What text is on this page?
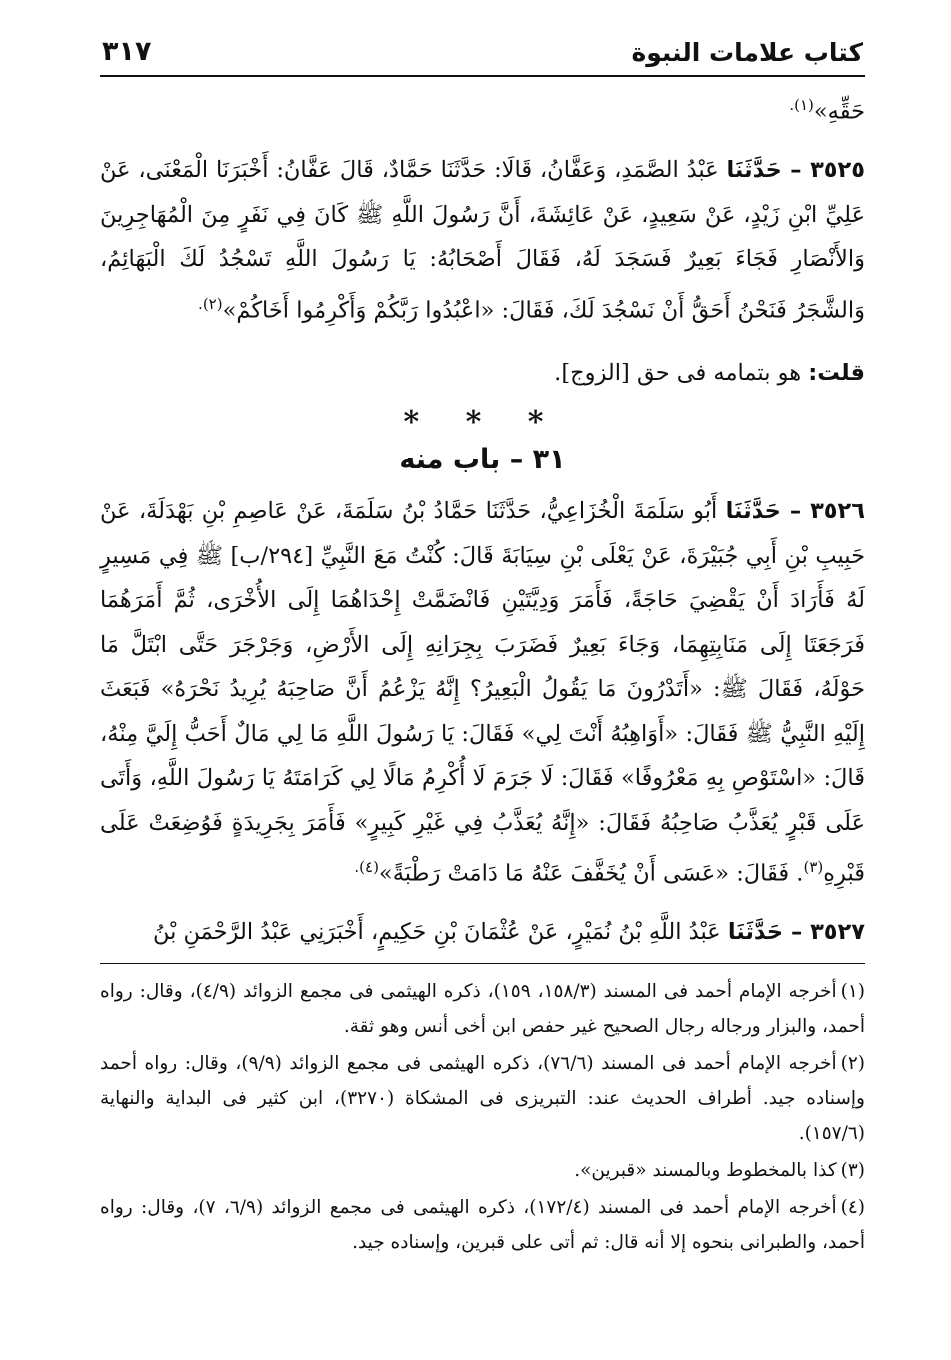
كتاب علامات النبوة
٣١٧

حَقِّهِ»$^{(١).}$

٣٥٢٥ – حَدَّثَنَا عَبْدُ الصَّمَدِ، وَعَفَّانُ، قَالَا: حَدَّثَنَا حَمَّادٌ، قَالَ عَفَّانُ: أَخْبَرَنَا الْمَعْنَى، عَنْ عَلِيِّ ابْنِ زَيْدٍ، عَنْ سَعِيدٍ، عَنْ عَائِشَةَ، أَنَّ رَسُولَ اللَّهِ ﷺ كَانَ فِي نَفَرٍ مِنَ الْمُهَاجِرِينَ وَالأَنْصَارِ فَجَاءَ بَعِيرٌ فَسَجَدَ لَهُ، فَقَالَ أَصْحَابُهُ: يَا رَسُولَ اللَّهِ تَسْجُدُ لَكَ الْبَهَائِمُ، وَالشَّجَرُ فَنَحْنُ أَحَقُّ أَنْ نَسْجُدَ لَكَ، فَقَالَ: «اعْبُدُوا رَبَّكُمْ وَأَكْرِمُوا أَخَاكُمْ»$^{(٢).}$

قلت: هو بتمامه فى حق [الزوج].

* * *
٣١ – باب منه

٣٥٢٦ – حَدَّثَنَا أَبُو سَلَمَةَ الْخُزَاعِيُّ، حَدَّثَنَا حَمَّادُ بْنُ سَلَمَةَ، عَنْ عَاصِمِ بْنِ بَهْدَلَةَ، عَنْ حَبِيبِ بْنِ أَبِي جُبَيْرَةَ، عَنْ يَعْلَى بْنِ سِيَابَةَ قَالَ: كُنْتُ مَعَ النَّبِيِّ [٢٩٤/ب] ﷺ فِي مَسِيرٍ لَهُ فَأَرَادَ أَنْ يَقْضِيَ حَاجَةً، فَأَمَرَ وَدِيَّتَيْنِ فَانْضَمَّتْ إِحْدَاهُمَا إِلَى الأُخْرَى، ثُمَّ أَمَرَهُمَا فَرَجَعَتَا إِلَى مَنَابِتِهِمَا، وَجَاءَ بَعِيرٌ فَضَرَبَ بِجِرَانِهِ إِلَى الأَرْضِ، وَجَرْجَرَ حَتَّى ابْتَلَّ مَا حَوْلَهُ، فَقَالَ ﷺ: «أَتَدْرُونَ مَا يَقُولُ الْبَعِيرُ؟ إِنَّهُ يَزْعُمُ أَنَّ صَاحِبَهُ يُرِيدُ نَحْرَهُ» فَبَعَثَ إِلَيْهِ النَّبِيُّ ﷺ فَقَالَ: «أَوَاهِبُهُ أَنْتَ لِي» فَقَالَ: يَا رَسُولَ اللَّهِ مَا لِي مَالٌ أَحَبُّ إِلَيَّ مِنْهُ، قَالَ: «اسْتَوْصِ بِهِ مَعْرُوفًا» فَقَالَ: لَا جَرَمَ لَا أُكْرِمُ مَالًا لِي كَرَامَتَهُ يَا رَسُولَ اللَّهِ، وَأَتَى عَلَى قَبْرٍ يُعَذَّبُ صَاحِبُهُ فَقَالَ: «إِنَّهُ يُعَذَّبُ فِي غَيْرِ كَبِيرٍ» فَأَمَرَ بِجَرِيدَةٍ فَوُضِعَتْ عَلَى قَبْرِهِ$^{(٣)}$. فَقَالَ: «عَسَى أَنْ يُخَفَّفَ عَنْهُ مَا دَامَتْ رَطْبَةً»$^{(٤).}$

٣٥٢٧ – حَدَّثَنَا عَبْدُ اللَّهِ بْنُ نُمَيْرٍ، عَنْ عُثْمَانَ بْنِ حَكِيمٍ، أَخْبَرَنِي عَبْدُ الرَّحْمَنِ بْنُ

(١)أخرجه الإمام أحمد فى المسند (١٥٨/٣، ١٥٩)، ذكره الهيثمى فى مجمع الزوائد (٤/٩)، وقال: رواه أحمد، والبزار ورجاله رجال الصحيح غير حفص ابن أخى أنس وهو ثقة.

(٢)أخرجه الإمام أحمد فى المسند (٧٦/٦)، ذكره الهيثمى فى مجمع الزوائد (٩/٩)، وقال: رواه أحمد وإسناده جيد. أطراف الحديث عند: التبريزى فى المشكاة (٣٢٧٠)، ابن كثير فى البداية والنهاية (١٥٧/٦).

(٣)كذا بالمخطوط وبالمسند «قبرين».

(٤)أخرجه الإمام أحمد فى المسند (١٧٢/٤)، ذكره الهيثمى فى مجمع الزوائد (٦/٩، ٧)، وقال: رواه أحمد، والطبرانى بنحوه إلا أنه قال: ثم أتى على قبرين، وإسناده جيد.
